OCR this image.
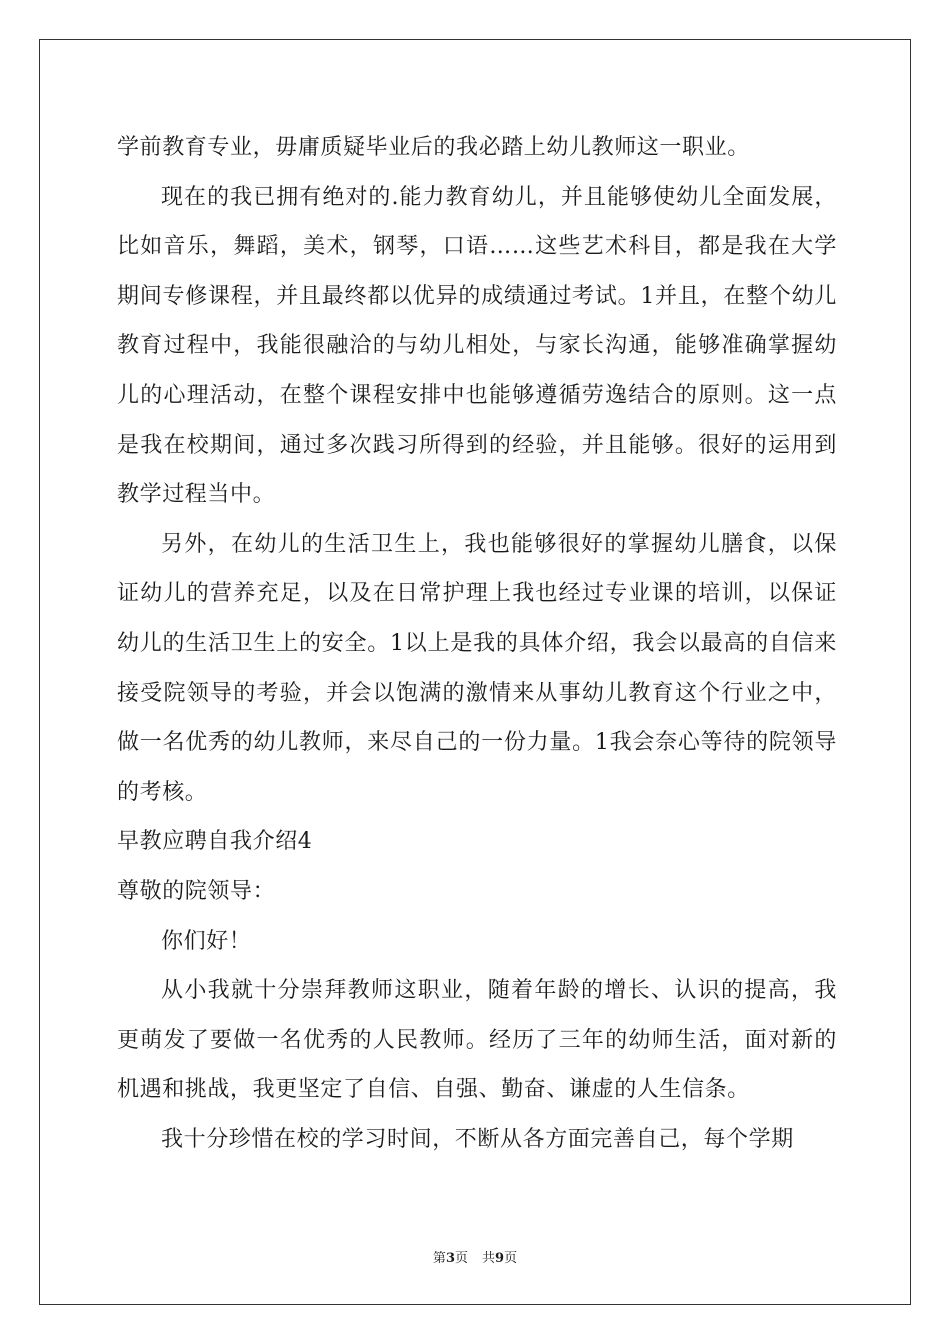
学前教育专业，毋庸质疑毕业后的我必踏上幼儿教师这一职业。

现在的我已拥有绝对的.能力教育幼儿，并且能够使幼儿全面发展，比如音乐，舞蹈，美术，钢琴，口语……这些艺术科目，都是我在大学期间专修课程，并且最终都以优异的成绩通过考试。1并且，在整个幼儿教育过程中，我能很融洽的与幼儿相处，与家长沟通，能够准确掌握幼儿的心理活动，在整个课程安排中也能够遵循劳逸结合的原则。这一点是我在校期间，通过多次践习所得到的经验，并且能够。很好的运用到教学过程当中。

另外，在幼儿的生活卫生上，我也能够很好的掌握幼儿膳食，以保证幼儿的营养充足，以及在日常护理上我也经过专业课的培训，以保证幼儿的生活卫生上的安全。1以上是我的具体介绍，我会以最高的自信来接受院领导的考验，并会以饱满的激情来从事幼儿教育这个行业之中，做一名优秀的幼儿教师，来尽自己的一份力量。1我会奈心等待的院领导的考核。

早教应聘自我介绍4

尊敬的院领导：

你们好！

从小我就十分崇拜教师这职业，随着年龄的增长、认识的提高，我更萌发了要做一名优秀的人民教师。经历了三年的幼师生活，面对新的机遇和挑战，我更坚定了自信、自强、勤奋、谦虚的人生信条。

我十分珍惜在校的学习时间，不断从各方面完善自己，每个学期

第3页 共9页
